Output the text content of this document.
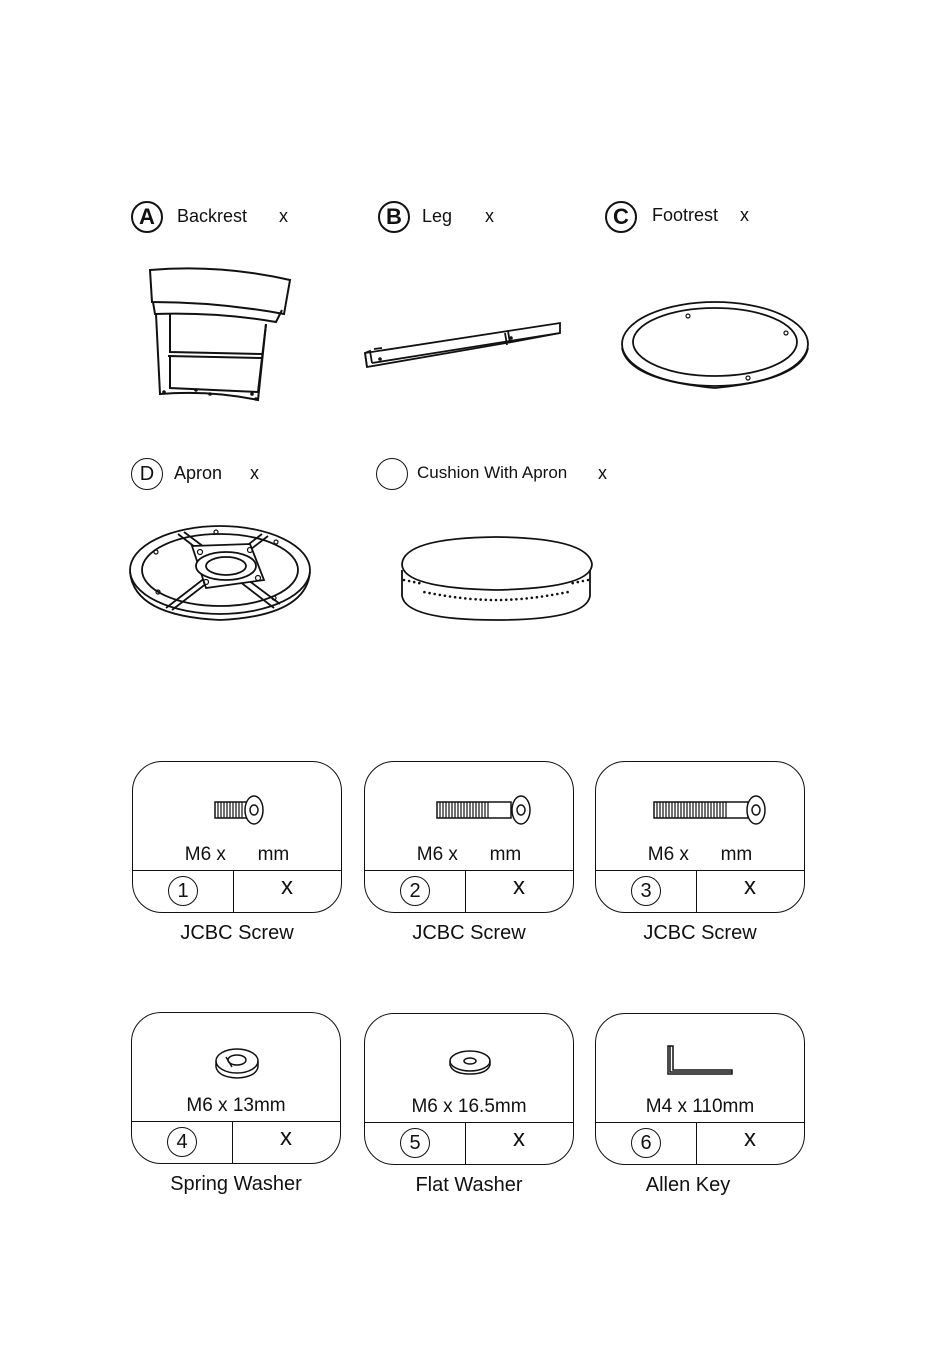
A	Backrest x	B	Leg x	C	Footrest x
D	Apron x	Cushion With Apron x
M6 x      mm
1	x
JCBC Screw
M6 x      mm
2	x
JCBC Screw
M6 x      mm
3	x
JCBC Screw
M6 x 13mm
4	x
Spring Washer
M6 x 16.5mm
5	x
Flat Washer
M4 x 110mm
6	x
Allen Key
